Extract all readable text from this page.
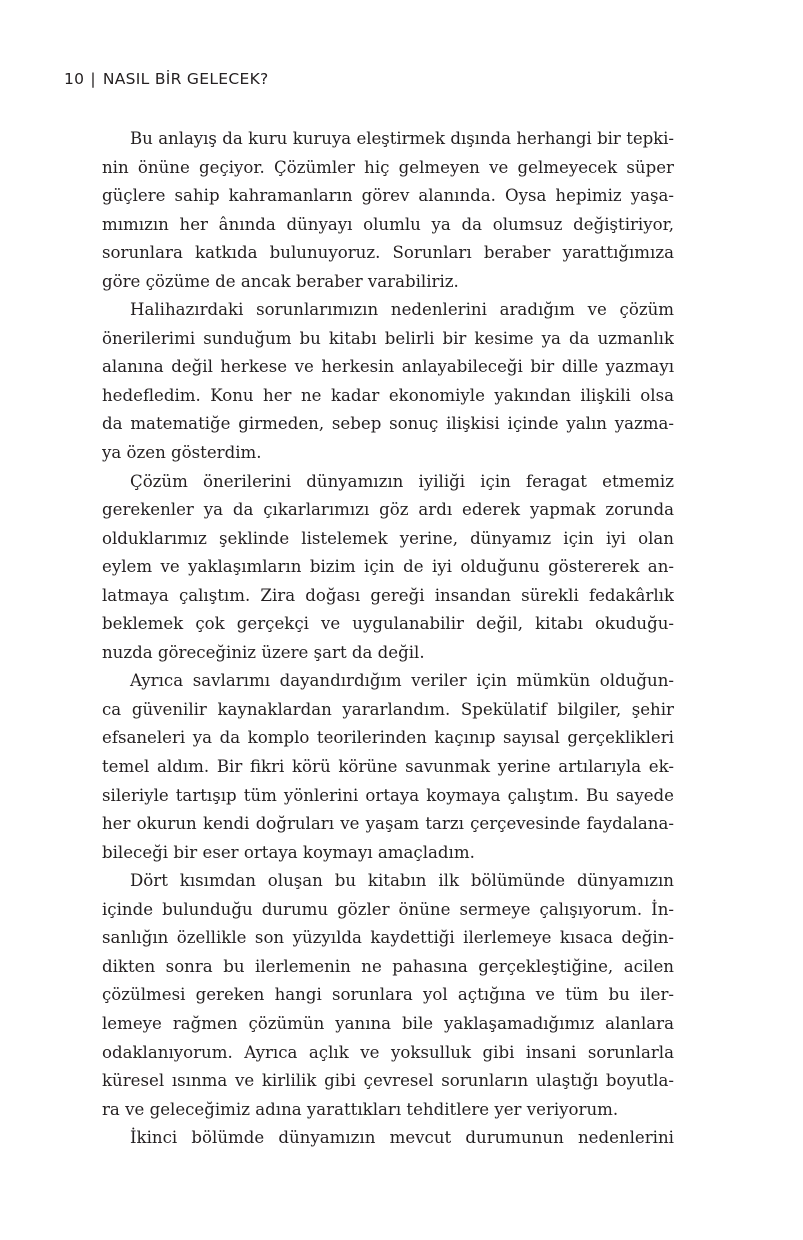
10 | NASIL BİR GELECEK?
Bu anlayış da kuru kuruya eleştirmek dışında herhangi bir tepki-
nin önüne geçiyor. Çözümler hiç gelmeyen ve gelmeyecek süper
güçlere sahip kahramanların görev alanında. Oysa hepimiz yaşa-
mımızın her ânında dünyayı olumlu ya da olumsuz değiştiriyor,
sorunlara katkıda bulunuyoruz. Sorunları beraber yarattığımıza
göre çözüme de ancak beraber varabiliriz.
Halihazırdaki sorunlarımızın nedenlerini aradığım ve çözüm
önerilerimi sunduğum bu kitabı belirli bir kesime ya da uzmanlık
alanına değil herkese ve herkesin anlayabileceği bir dille yazmayı
hedefledim. Konu her ne kadar ekonomiyle yakından ilişkili olsa
da matematiğe girmeden, sebep sonuç ilişkisi içinde yalın yazma-
ya özen gösterdim.
Çözüm önerilerini dünyamızın iyiliği için feragat etmemiz
gerekenler ya da çıkarlarımızı göz ardı ederek yapmak zorunda
olduklarımız şeklinde listelemek yerine, dünyamız için iyi olan
eylem ve yaklaşımların bizim için de iyi olduğunu göstererek an-
latmaya çalıştım. Zira doğası gereği insandan sürekli fedakârlık
beklemek çok gerçekçi ve uygulanabilir değil, kitabı okuduğu-
nuzda göreceğiniz üzere şart da değil.
Ayrıca savlarımı dayandırdığım veriler için mümkün olduğun-
ca güvenilir kaynaklardan yararlandım. Spekülatif bilgiler, şehir
efsaneleri ya da komplo teorilerinden kaçınıp sayısal gerçeklikleri
temel aldım. Bir fikri körü körüne savunmak yerine artılarıyla ek-
sileriyle tartışıp tüm yönlerini ortaya koymaya çalıştım. Bu sayede
her okurun kendi doğruları ve yaşam tarzı çerçevesinde faydalana-
bileceği bir eser ortaya koymayı amaçladım.
Dört kısımdan oluşan bu kitabın ilk bölümünde dünyamızın
içinde bulunduğu durumu gözler önüne sermeye çalışıyorum. İn-
sanlığın özellikle son yüzyılda kaydettiği ilerlemeye kısaca değin-
dikten sonra bu ilerlemenin ne pahasına gerçekleştiğine, acilen
çözülmesi gereken hangi sorunlara yol açtığına ve tüm bu iler-
lemeye rağmen çözümün yanına bile yaklaşamadığımız alanlara
odaklanıyorum. Ayrıca açlık ve yoksulluk gibi insani sorunlarla
küresel ısınma ve kirlilik gibi çevresel sorunların ulaştığı boyutla-
ra ve geleceğimiz adına yarattıkları tehditlere yer veriyorum.
İkinci bölümde dünyamızın mevcut durumunun nedenlerini
